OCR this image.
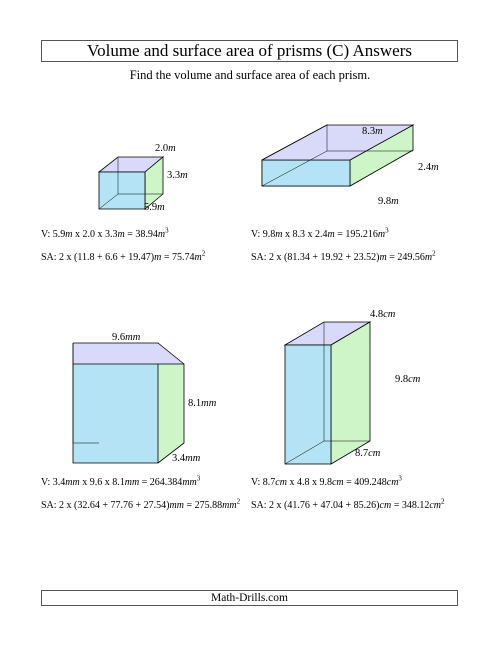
Volume and surface area of prisms (C) Answers
Find the volume and surface area of each prism.
2.0m
3.3m
5.9m
8.3m
2.4m
9.8m
9.6mm
8.1mm
3.4mm
4.8cm
9.8cm
8.7cm
V: 5.9m x 2.0 x $3.3m = 38.94m^3$
SA: 2 x $(11.8 + 6.6 + 19.47)m = 75.74m^2$
V: 9.8m x 8.3 x $2.4m = 195.216m^3$
SA: 2 x $(81.34 + 19.92 + 23.52)m = 249.56m^2$
V: 3.4mm x 9.6 x $8.1mm = 264.384mm^3$
SA: 2 x $(32.64 + 77.76 + 27.54)mm = 275.88mm^2$
V: 8.7cm x 4.8 x $9.8cm = 409.248cm^3$
SA: 2 x $(41.76 + 47.04 + 85.26)cm = 348.12cm^2$
Math-Drills.com
